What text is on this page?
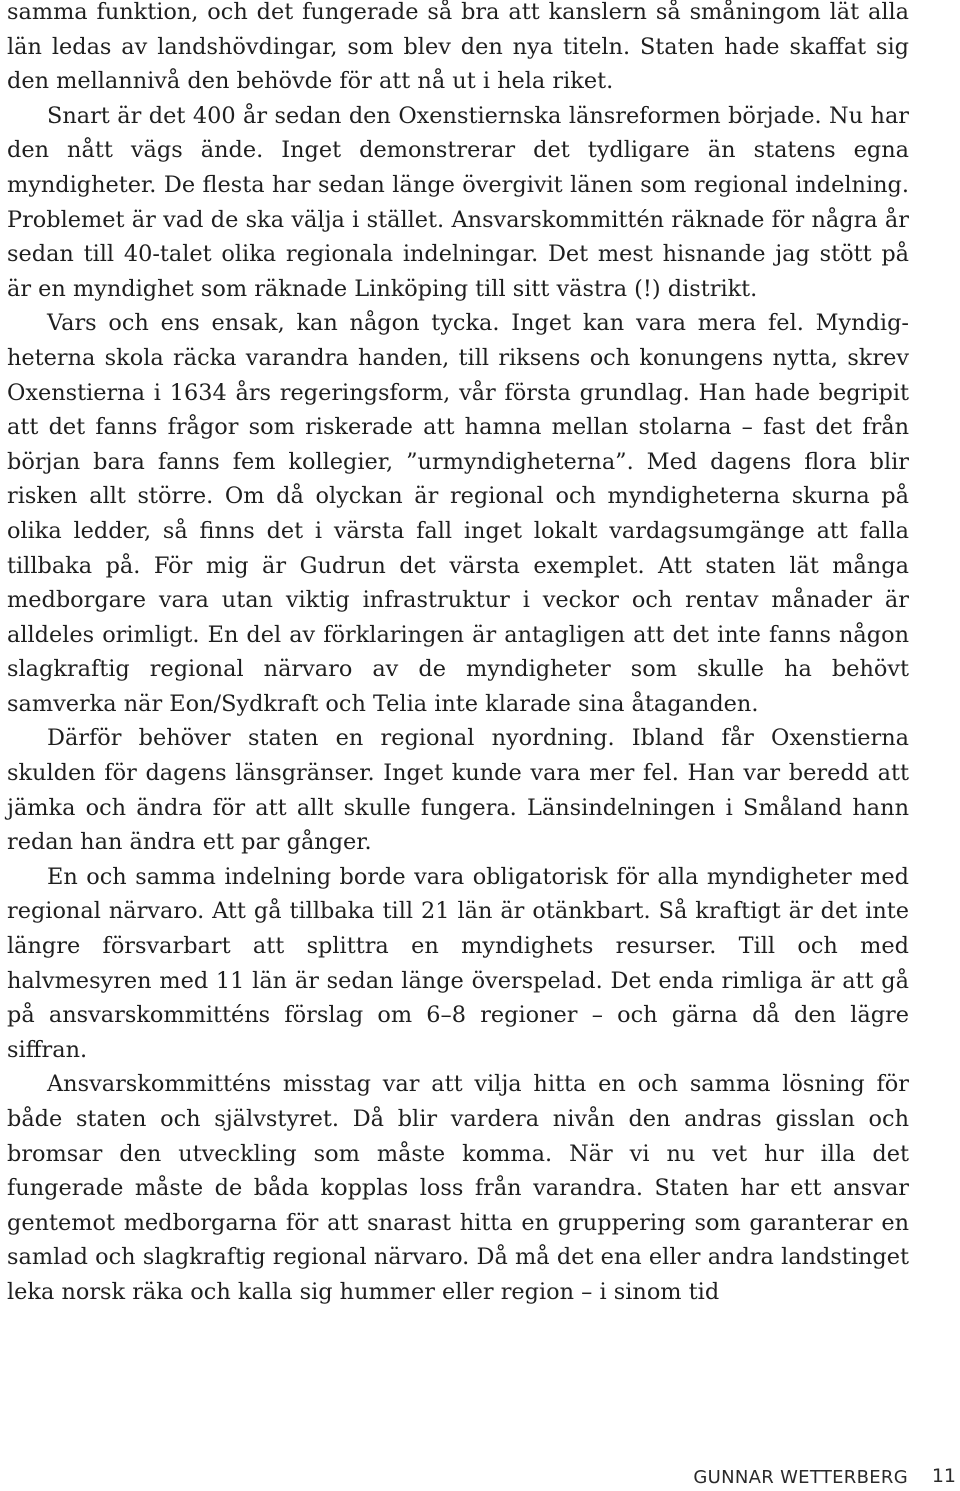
samma funktion, och det fungerade så bra att kanslern så småningom lät alla län ledas av landshövdingar, som blev den nya titeln. Staten hade skaffat sig den mellannivå den behövde för att nå ut i hela riket.

Snart är det 400 år sedan den Oxenstiernska länsreformen började. Nu har den nått vägs ände. Inget demonstrerar det tydligare än statens egna myndigheter. De flesta har sedan länge övergivit länen som regional indelning. Problemet är vad de ska välja i stället. Ansvarskommittén räknade för några år sedan till 40-talet olika regionala indelningar. Det mest hisnande jag stött på är en myndighet som räknade Linköping till sitt västra (!) distrikt.

Vars och ens ensak, kan någon tycka. Inget kan vara mera fel. Myndigheterna skola räcka varandra handen, till riksens och konungens nytta, skrev Oxenstierna i 1634 års regeringsform, vår första grundlag. Han hade begripit att det fanns frågor som riskerade att hamna mellan stolarna – fast det från början bara fanns fem kollegier, ”urmyndigheterna”. Med dagens flora blir risken allt större. Om då olyckan är regional och myndigheterna skurna på olika ledder, så finns det i värsta fall inget lokalt vardagsumgänge att falla tillbaka på. För mig är Gudrun det värsta exemplet. Att staten lät många medborgare vara utan viktig infrastruktur i veckor och rentav månader är alldeles orimligt. En del av förklaringen är antagligen att det inte fanns någon slagkraftig regional närvaro av de myndigheter som skulle ha behövt samverka när Eon/Sydkraft och Telia inte klarade sina åtaganden.

Därför behöver staten en regional nyordning. Ibland får Oxenstierna skulden för dagens länsgränser. Inget kunde vara mer fel. Han var beredd att jämka och ändra för att allt skulle fungera. Länsindelningen i Småland hann redan han ändra ett par gånger.

En och samma indelning borde vara obligatorisk för alla myndigheter med regional närvaro. Att gå tillbaka till 21 län är otänkbart. Så kraftigt är det inte längre försvarbart att splittra en myndighets resurser. Till och med halvmesyren med 11 län är sedan länge överspelad. Det enda rimliga är att gå på ansvarskommitténs förslag om 6–8 regioner – och gärna då den lägre siffran.

Ansvarskommitténs misstag var att vilja hitta en och samma lösning för både staten och självstyret. Då blir vardera nivån den andras gisslan och bromsar den utveckling som måste komma. När vi nu vet hur illa det fungerade måste de båda kopplas loss från varandra. Staten har ett ansvar gentemot medborgarna för att snarast hitta en gruppering som garanterar en samlad och slagkraftig regional närvaro. Då må det ena eller andra landstinget leka norsk räka och kalla sig hummer eller region – i sinom tid

GUNNAR WETTERBERG 11
